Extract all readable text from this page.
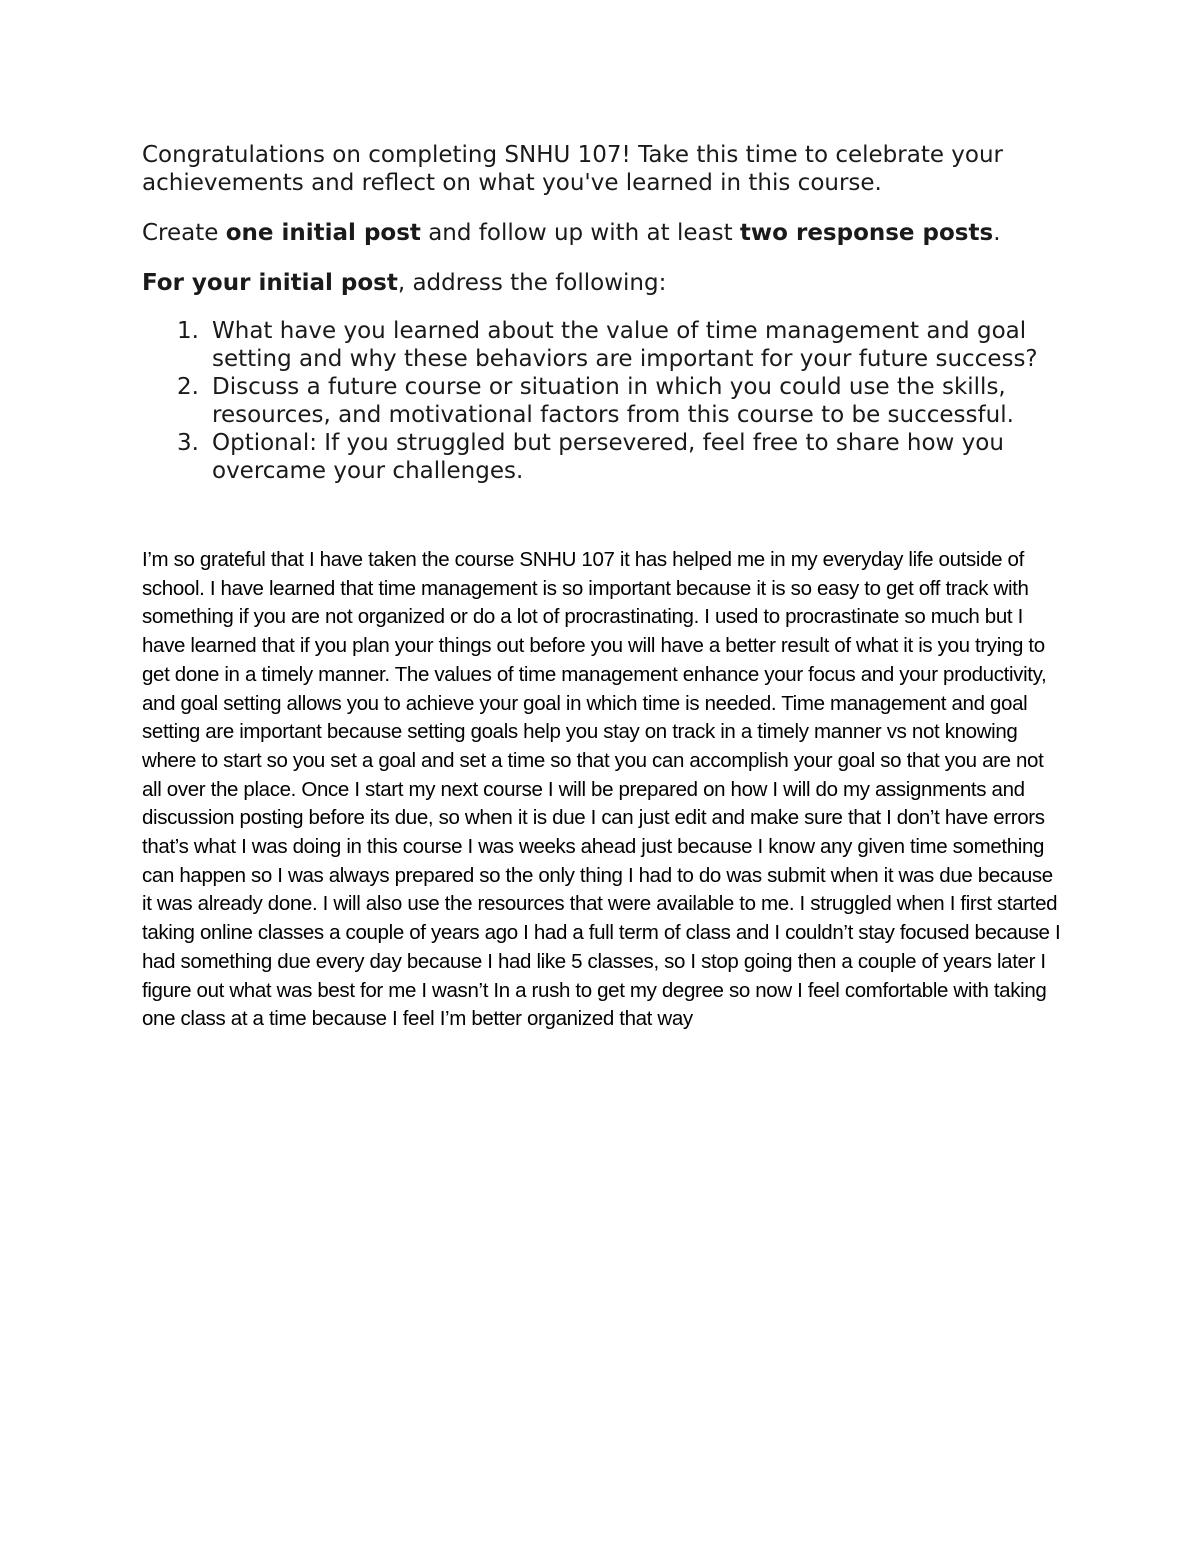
Congratulations on completing SNHU 107! Take this time to celebrate your achievements and reflect on what you've learned in this course.

Create one initial post and follow up with at least two response posts.

For your initial post, address the following:

1. What have you learned about the value of time management and goal setting and why these behaviors are important for your future success?
2. Discuss a future course or situation in which you could use the skills, resources, and motivational factors from this course to be successful.
3. Optional: If you struggled but persevered, feel free to share how you overcame your challenges.

I’m so grateful that I have taken the course SNHU 107 it has helped me in my everyday life outside of school. I have learned that time management is so important because it is so easy to get off track with something if you are not organized or do a lot of procrastinating. I used to procrastinate so much but I have learned that if you plan your things out before you will have a better result of what it is you trying to get done in a timely manner. The values of time management enhance your focus and your productivity, and goal setting allows you to achieve your goal in which time is needed. Time management and goal setting are important because setting goals help you stay on track in a timely manner vs not knowing where to start so you set a goal and set a time so that you can accomplish your goal so that you are not all over the place. Once I start my next course I will be prepared on how I will do my assignments and discussion posting before its due, so when it is due I can just edit and make sure that I don’t have errors that’s what I was doing in this course I was weeks ahead just because I know any given time something can happen so I was always prepared so the only thing I had to do was submit when it was due because it was already done. I will also use the resources that were available to me. I struggled when I first started taking online classes a couple of years ago I had a full term of class and I couldn’t stay focused because I had something due every day because I had like 5 classes, so I stop going then a couple of years later I figure out what was best for me I wasn’t In a rush to get my degree so now I feel comfortable with taking one class at a time because I feel I’m better organized that way
